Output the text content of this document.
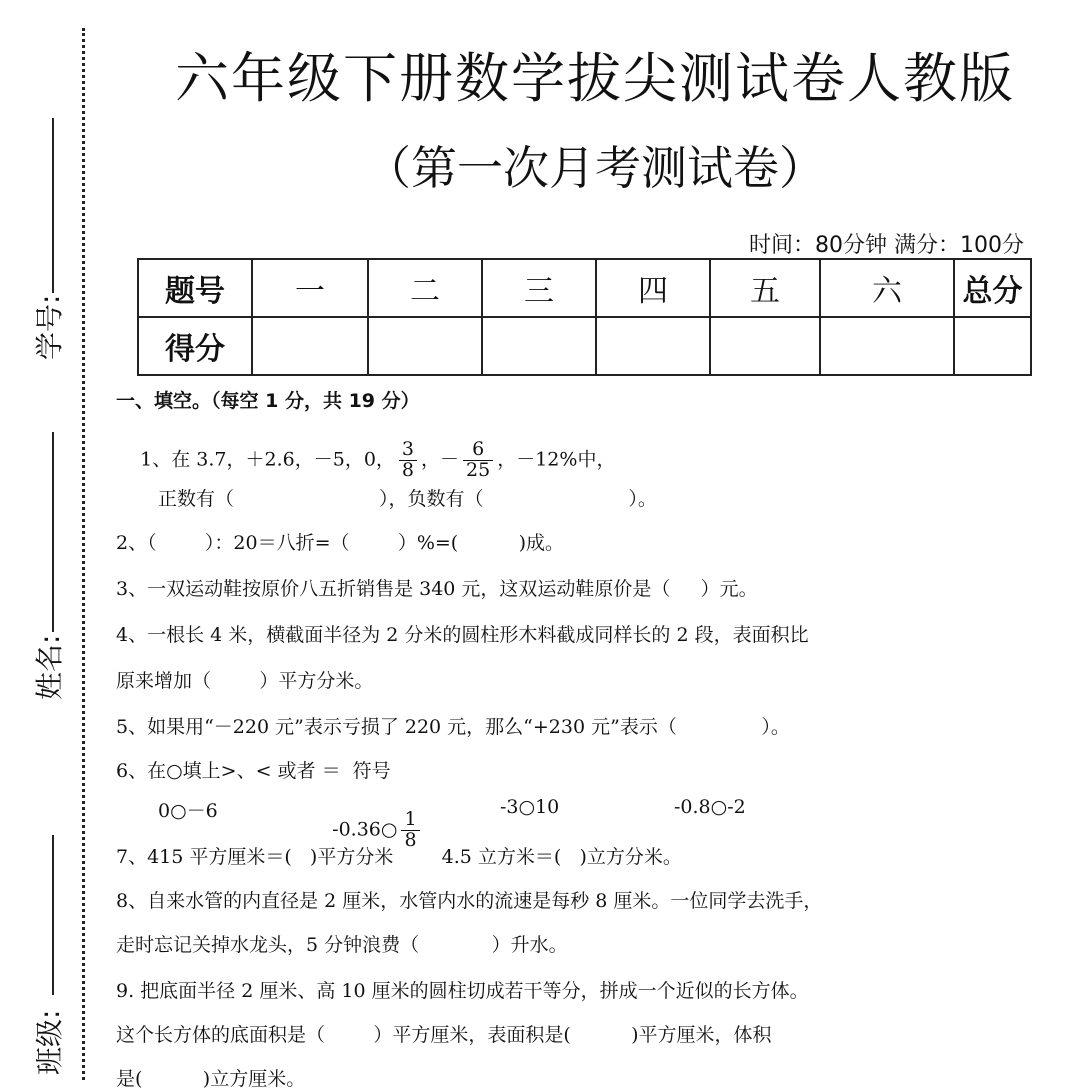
学号:
姓名:
班级:
六年级下册数学拔尖测试卷人教版
（第一次月考测试卷）
时间：80分钟 满分：100分
题号	一	二	三	四	五	六	总分
得分							
一、填空。（每空 1 分，共 19 分）

1、在 3.7，＋2.6，－5，0， $\frac{3}{8}$ ，－ $\frac{6}{25}$ ，－12%中，

正数有（                        ），负数有（                        ）。
2、（        ）：20＝八折=（        ）%=(          )成。
3、一双运动鞋按原价八五折销售是 340 元，这双运动鞋原价是（     ）元。
4、一根长 4 米，横截面半径为 2 分米的圆柱形木料截成同样长的 2 段，表面积比
原来增加（        ）平方分米。
5、如果用“－220 元”表示亏损了 220 元，那么“+230 元”表示（              ）。
6、在○填上>、< 或者 ＝  符号
0○－6

-0.36○ $\frac{1}{8}$

-3○10	-0.8○-2
7、415 平方厘米＝(   )平方分米        4.5 立方米＝(   )立方分米。
8、自来水管的内直径是 2 厘米，水管内水的流速是每秒 8 厘米。一位同学去洗手，
走时忘记关掉水龙头，5 分钟浪费（            ）升水。
9. 把底面半径 2 厘米、高 10 厘米的圆柱切成若干等分，拼成一个近似的长方体。
这个长方体的底面积是（        ）平方厘米，表面积是(          )平方厘米，体积
是(          )立方厘米。
